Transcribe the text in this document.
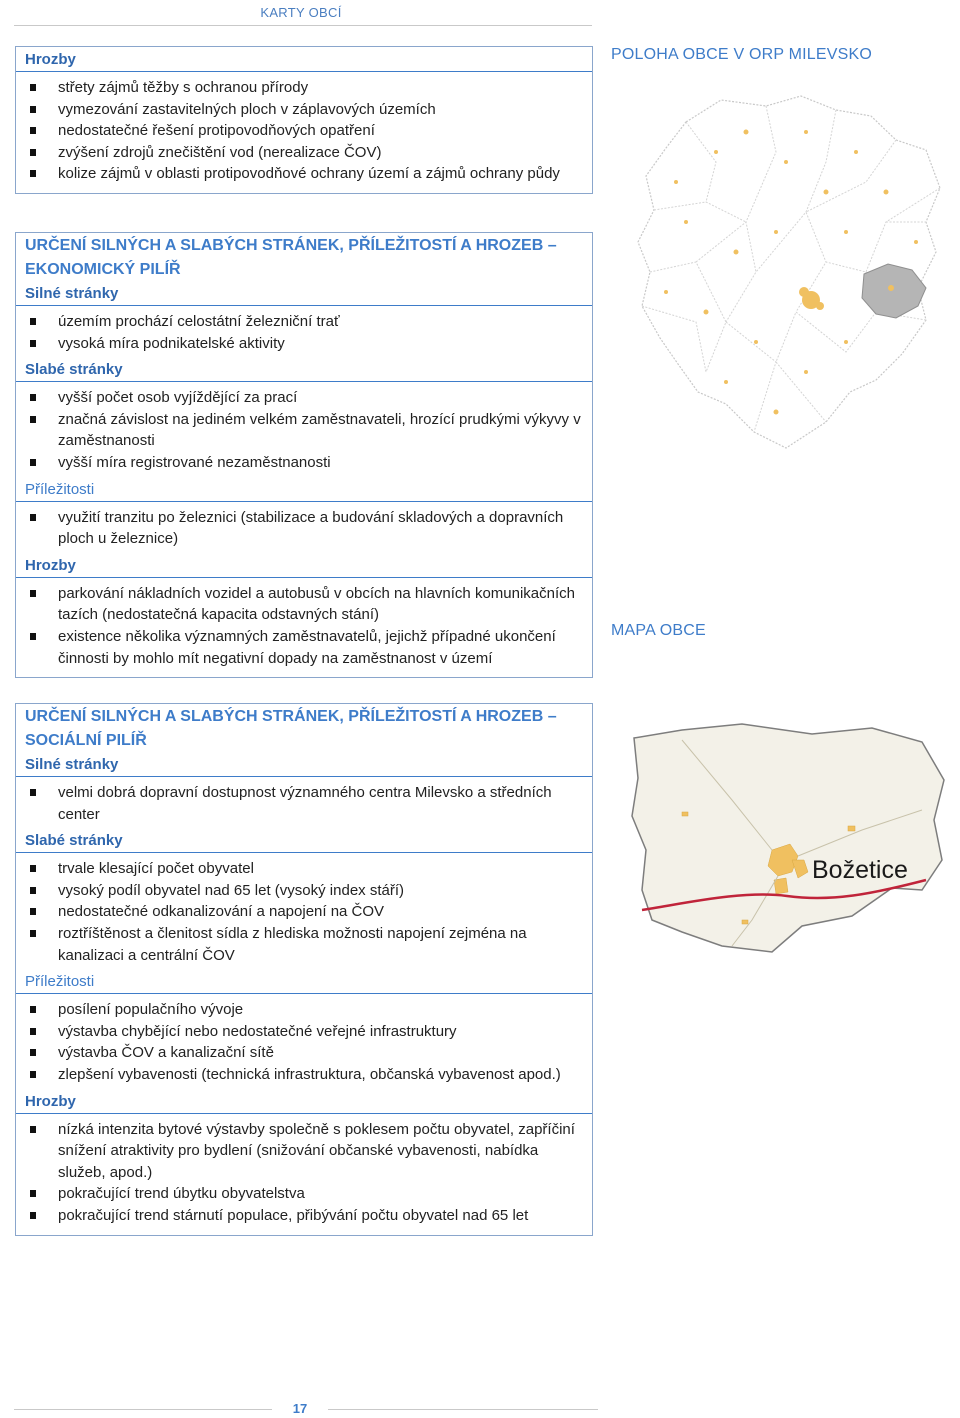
KARTY OBCÍ
Hrozby
střety zájmů těžby s ochranou přírody
vymezování zastavitelných ploch v záplavových územích
nedostatečné řešení protipovodňových opatření
zvýšení zdrojů znečištění vod (nerealizace ČOV)
kolize zájmů v oblasti protipovodňové ochrany území a zájmů ochrany půdy
URČENÍ SILNÝCH A SLABÝCH STRÁNEK, PŘÍLEŽITOSTÍ A HROZEB –
EKONOMICKÝ PILÍŘ
Silné stránky
územím prochází celostátní železniční trať
vysoká míra podnikatelské aktivity
Slabé stránky
vyšší počet osob vyjíždějící za prací
značná závislost na jediném velkém zaměstnavateli, hrozící prudkými výkyvy v zaměstnanosti
vyšší míra registrované nezaměstnanosti
Příležitosti
využití tranzitu po železnici (stabilizace a budování skladových a dopravních ploch u železnice)
Hrozby
parkování nákladních vozidel a autobusů v obcích na hlavních komunikačních tazích (nedostatečná kapacita odstavných stání)
existence několika významných zaměstnavatelů, jejichž případné ukončení činnosti by mohlo mít negativní dopady na zaměstnanost v území
URČENÍ SILNÝCH A SLABÝCH STRÁNEK, PŘÍLEŽITOSTÍ A HROZEB –
SOCIÁLNÍ PILÍŘ
Silné stránky
velmi dobrá dopravní dostupnost významného centra Milevsko a středních center
Slabé stránky
trvale klesající počet obyvatel
vysoký podíl obyvatel nad 65 let (vysoký index stáří)
nedostatečné odkanalizování a napojení na ČOV
roztříštěnost a členitost sídla z hlediska možnosti napojení zejména na kanalizaci a centrální ČOV
Příležitosti
posílení populačního vývoje
výstavba chybějící nebo nedostatečné veřejné infrastruktury
výstavba ČOV a kanalizační sítě
zlepšení vybavenosti (technická infrastruktura, občanská vybavenost apod.)
Hrozby
nízká intenzita bytové výstavby společně s poklesem počtu obyvatel, zapříčiní snížení atraktivity pro bydlení (snižování občanské vybavenosti, nabídka služeb, apod.)
pokračující trend úbytku obyvatelstva
pokračující trend stárnutí populace, přibývání počtu obyvatel nad 65 let
POLOHA OBCE V ORP MILEVSKO
MAPA OBCE
Božetice
17
